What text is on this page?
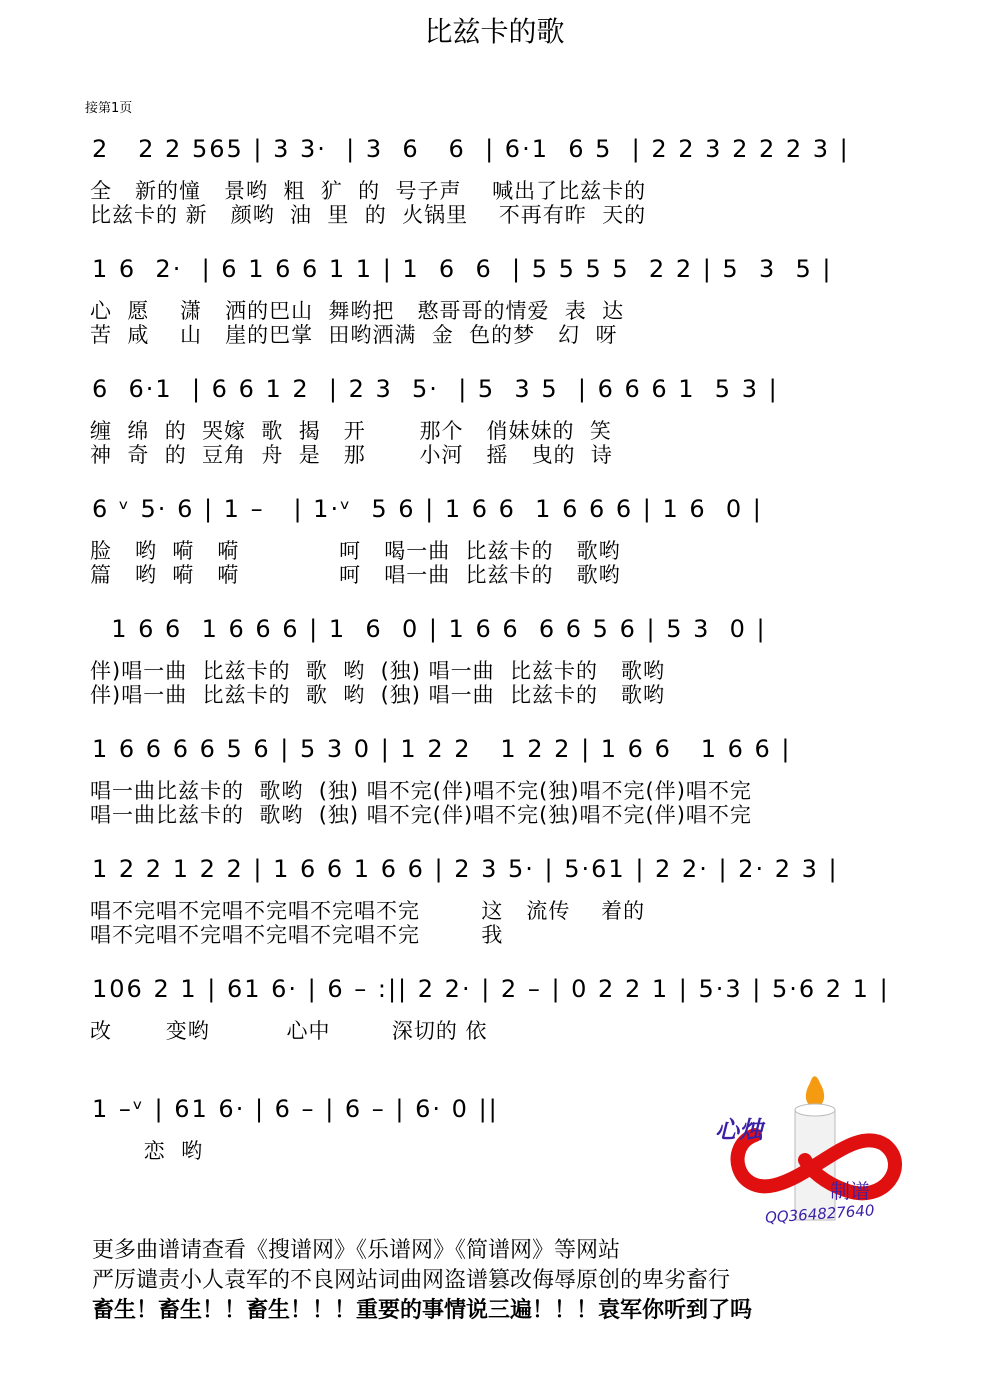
比兹卡的歌
接第1页
2   2 2 565 | 3 3·  | 3  6   6  | 6·1  6 5  | 2 2 3 2 2 2 3 |
全   新的憧   景哟  粗  犷  的  号子声    喊出了比兹卡的
比兹卡的 新   颜哟  油  里  的  火锅里    不再有昨  天的
1 6  2·  | 6 1 6 6 1 1 | 1  6  6  | 5 5 5 5  2 2 | 5  3  5 |
心  愿    潇   洒的巴山  舞哟把   憨哥哥的情爱  表  达
苦  咸    山   崖的巴掌  田哟洒满  金  色的梦   幻  呀
6  6·1  | 6 6 1 2  | 2 3  5·  | 5  3 5  | 6 6 6 1  5 3 |
缠  绵  的  哭嫁  歌  揭   开       那个   俏妹妹的  笑
神  奇  的  豆角  舟  是   那       小河   摇   曳的  诗
6 ᵛ 5· 6 | 1 –   | 1·ᵛ  5 6 | 1 6 6  1 6 6 6 | 1 6  0 |
脸   哟  嗬   嗬             呵   喝一曲  比兹卡的   歌哟
篇   哟  嗬   嗬             呵   唱一曲  比兹卡的   歌哟
1 6 6  1 6 6 6 | 1  6  0 | 1 6 6  6 6 5 6 | 5 3  0 |
伴)唱一曲  比兹卡的  歌  哟  (独) 唱一曲  比兹卡的   歌哟
伴)唱一曲  比兹卡的  歌  哟  (独) 唱一曲  比兹卡的   歌哟
1 6 6 6 6 5 6 | 5 3 0 | 1 2 2   1 2 2 | 1 6 6   1 6 6 |
唱一曲比兹卡的  歌哟  (独) 唱不完(伴)唱不完(独)唱不完(伴)唱不完
唱一曲比兹卡的  歌哟  (独) 唱不完(伴)唱不完(独)唱不完(伴)唱不完
1 2 2 1 2 2 | 1 6 6 1 6 6 | 2 3 5· | 5·61 | 2 2· | 2· 2 3 |
唱不完唱不完唱不完唱不完唱不完        这   流传    着的
唱不完唱不完唱不完唱不完唱不完        我
106 2 1 | 61 6· | 6 – :|| 2 2· | 2 – | 0 2 2 1 | 5·3 | 5·6 2 1 |
改       变哟          心中        深切的 依
1 –ᵛ | 61 6· | 6 – | 6 – | 6· 0 ||
恋  哟
心烛
制谱
QQ364827640
更多曲谱请查看《搜谱网》《乐谱网》《简谱网》等网站
严厉谴责小人袁军的不良网站词曲网盗谱篡改侮辱原创的卑劣畜行
畜生！畜生！！畜生！！！重要的事情说三遍！！！袁军你听到了吗
